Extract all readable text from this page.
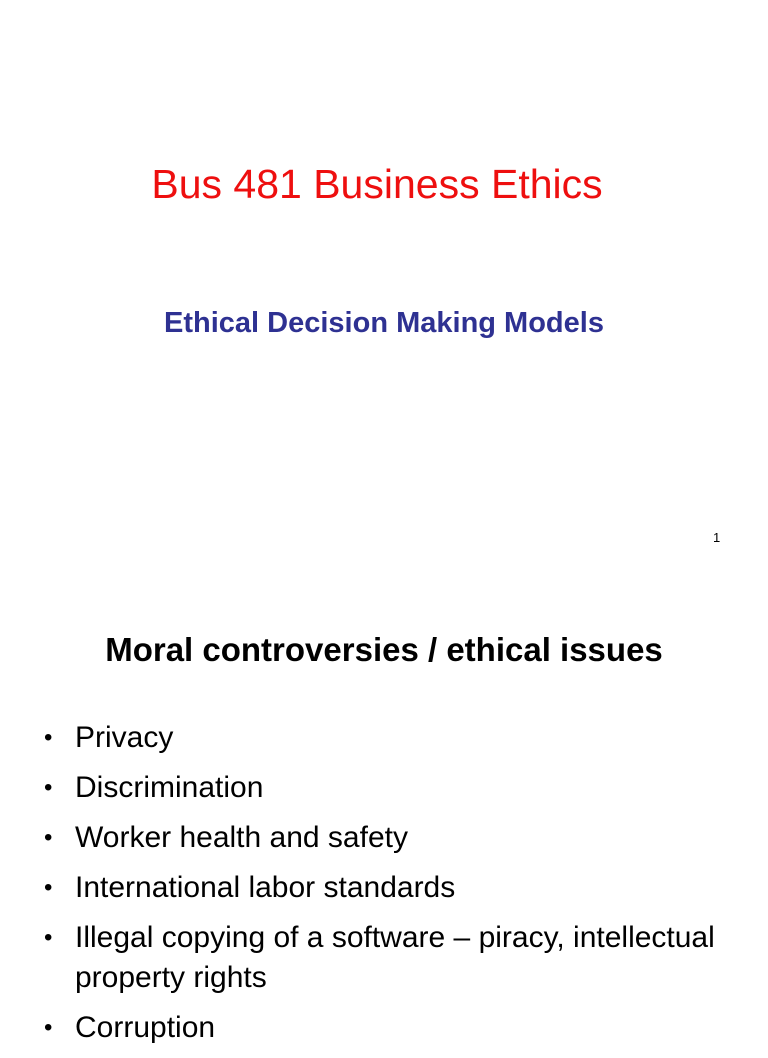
Bus 481 Business Ethics
Ethical Decision Making Models
1
Moral controversies / ethical issues
• Privacy
• Discrimination
• Worker health and safety
• International labor standards
• Illegal copying of a software – piracy, intellectual property rights
• Corruption
